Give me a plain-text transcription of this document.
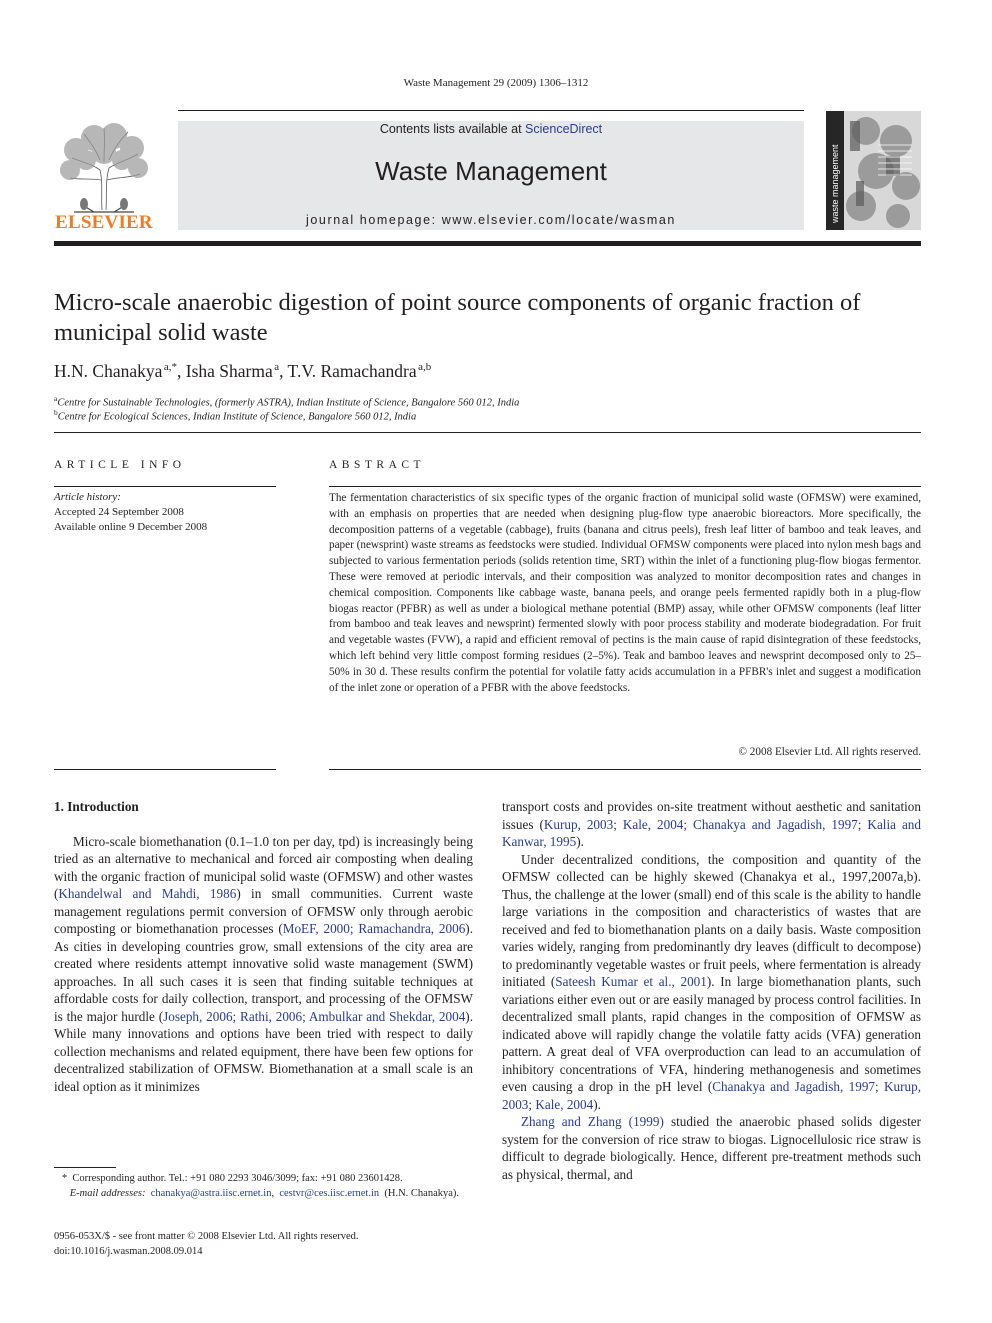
Waste Management 29 (2009) 1306–1312
ELSEVIER
Contents lists available at ScienceDirect
Waste Management
journal homepage: www.elsevier.com/locate/wasman	waste management
Micro-scale anaerobic digestion of point source components of organic fraction of municipal solid waste
H.N. Chanakya $^{a,*}$, Isha Sharma $^a$, T.V. Ramachandra $^{a,b}$
$^a$Centre for Sustainable Technologies, (formerly ASTRA), Indian Institute of Science, Bangalore 560 012, India
$^b$Centre for Ecological Sciences, Indian Institute of Science, Bangalore 560 012, India
ARTICLE INFO	ABSTRACT
Article history:
Accepted 24 September 2008
Available online 9 December 2008
The fermentation characteristics of six specific types of the organic fraction of municipal solid waste (OFMSW) were examined, with an emphasis on properties that are needed when designing plug-flow type anaerobic bioreactors. More specifically, the decomposition patterns of a vegetable (cabbage), fruits (banana and citrus peels), fresh leaf litter of bamboo and teak leaves, and paper (newsprint) waste streams as feedstocks were studied. Individual OFMSW components were placed into nylon mesh bags and subjected to various fermentation periods (solids retention time, SRT) within the inlet of a functioning plug-flow biogas fermentor. These were removed at periodic intervals, and their composition was analyzed to monitor decomposition rates and changes in chemical composition. Components like cabbage waste, banana peels, and orange peels fermented rapidly both in a plug-flow biogas reactor (PFBR) as well as under a biological methane potential (BMP) assay, while other OFMSW components (leaf litter from bamboo and teak leaves and newsprint) fermented slowly with poor process stability and moderate biodegradation. For fruit and vegetable wastes (FVW), a rapid and efficient removal of pectins is the main cause of rapid disintegration of these feedstocks, which left behind very little compost forming residues (2–5%). Teak and bamboo leaves and newsprint decomposed only to 25–50% in 30 d. These results confirm the potential for volatile fatty acids accumulation in a PFBR's inlet and suggest a modification of the inlet zone or operation of a PFBR with the above feedstocks.
© 2008 Elsevier Ltd. All rights reserved.

1. Introduction

Micro-scale biomethanation (0.1–1.0 ton per day, tpd) is increasingly being tried as an alternative to mechanical and forced air composting when dealing with the organic fraction of municipal solid waste (OFMSW) and other wastes (Khandelwal and Mahdi, 1986) in small communities. Current waste management regulations permit conversion of OFMSW only through aerobic composting or biomethanation processes (MoEF, 2000; Ramachandra, 2006). As cities in developing countries grow, small extensions of the city area are created where residents attempt innovative solid waste management (SWM) approaches. In all such cases it is seen that finding suitable techniques at affordable costs for daily collection, transport, and processing of the OFMSW is the major hurdle (Joseph, 2006; Rathi, 2006; Ambulkar and Shekdar, 2004). While many innovations and options have been tried with respect to daily collection mechanisms and related equipment, there have been few options for decentralized stabilization of OFMSW. Biomethanation at a small scale is an ideal option as it minimizes

transport costs and provides on-site treatment without aesthetic and sanitation issues (Kurup, 2003; Kale, 2004; Chanakya and Jagadish, 1997; Kalia and Kanwar, 1995).

Under decentralized conditions, the composition and quantity of the OFMSW collected can be highly skewed (Chanakya et al., 1997,2007a,b). Thus, the challenge at the lower (small) end of this scale is the ability to handle large variations in the composition and characteristics of wastes that are received and fed to biomethanation plants on a daily basis. Waste composition varies widely, ranging from predominantly dry leaves (difficult to decompose) to predominantly vegetable wastes or fruit peels, where fermentation is already initiated (Sateesh Kumar et al., 2001). In large biomethanation plants, such variations either even out or are easily managed by process control facilities. In decentralized small plants, rapid changes in the composition of OFMSW as indicated above will rapidly change the volatile fatty acids (VFA) generation pattern. A great deal of VFA overproduction can lead to an accumulation of inhibitory concentrations of VFA, hindering methanogenesis and sometimes even causing a drop in the pH level (Chanakya and Jagadish, 1997; Kurup, 2003; Kale, 2004).

Zhang and Zhang (1999) studied the anaerobic phased solids digester system for the conversion of rice straw to biogas. Lignocellulosic rice straw is difficult to degrade biologically. Hence, different pre-treatment methods such as physical, thermal, and

* Corresponding author. Tel.: +91 080 2293 3046/3099; fax: +91 080 23601428.
E-mail addresses: chanakya@astra.iisc.ernet.in,  cestvr@ces.iisc.ernet.in (H.N. Chanakya).
0956-053X/$ - see front matter © 2008 Elsevier Ltd. All rights reserved.
doi:10.1016/j.wasman.2008.09.014
